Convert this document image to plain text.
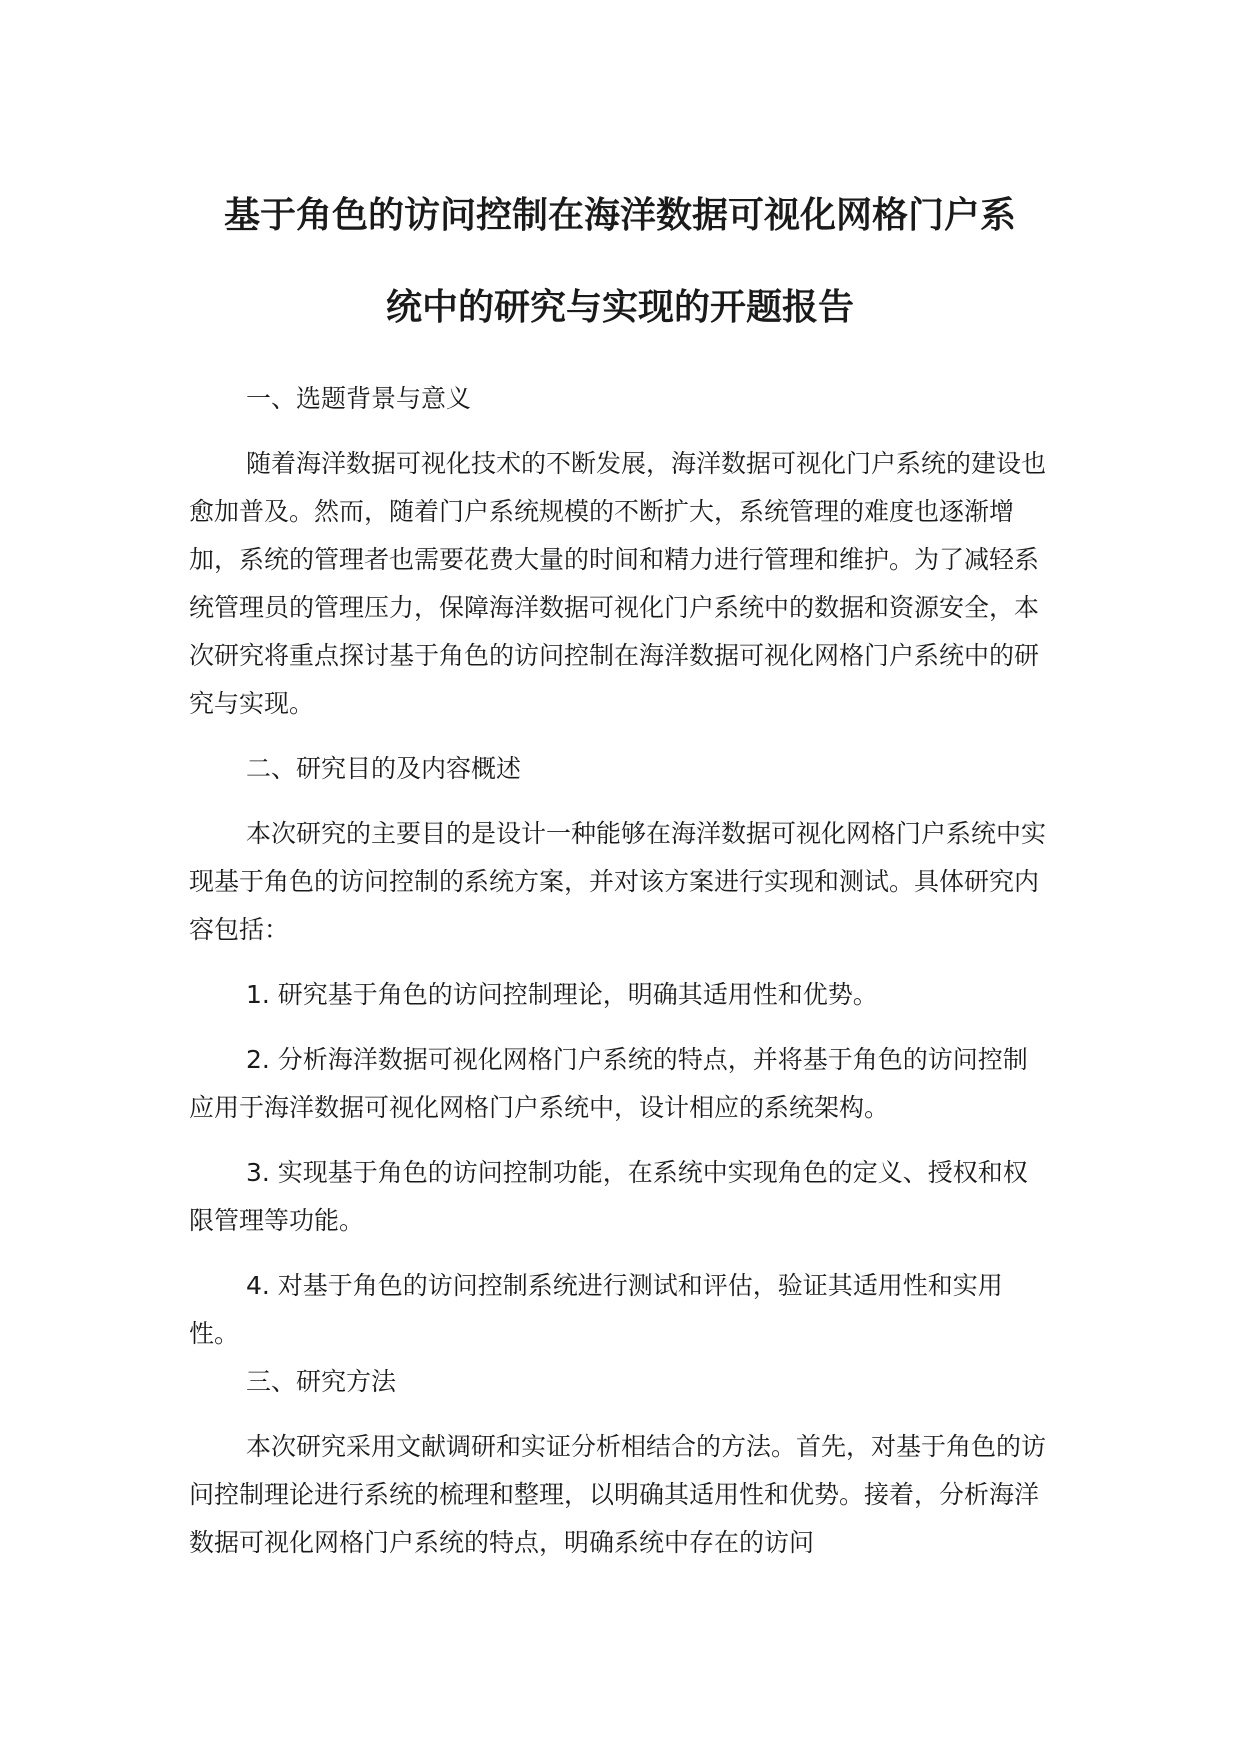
基于角色的访问控制在海洋数据可视化网格门户系
统中的研究与实现的开题报告

一、选题背景与意义

随着海洋数据可视化技术的不断发展，海洋数据可视化门户系统的建设也愈加普及。然而，随着门户系统规模的不断扩大，系统管理的难度也逐渐增加，系统的管理者也需要花费大量的时间和精力进行管理和维护。为了减轻系统管理员的管理压力，保障海洋数据可视化门户系统中的数据和资源安全，本次研究将重点探讨基于角色的访问控制在海洋数据可视化网格门户系统中的研究与实现。

二、研究目的及内容概述

本次研究的主要目的是设计一种能够在海洋数据可视化网格门户系统中实现基于角色的访问控制的系统方案，并对该方案进行实现和测试。具体研究内容包括：

1. 研究基于角色的访问控制理论，明确其适用性和优势。

2. 分析海洋数据可视化网格门户系统的特点，并将基于角色的访问控制应用于海洋数据可视化网格门户系统中，设计相应的系统架构。

3. 实现基于角色的访问控制功能，在系统中实现角色的定义、授权和权限管理等功能。

4. 对基于角色的访问控制系统进行测试和评估，验证其适用性和实用性。

三、研究方法

本次研究采用文献调研和实证分析相结合的方法。首先，对基于角色的访问控制理论进行系统的梳理和整理，以明确其适用性和优势。接着，分析海洋数据可视化网格门户系统的特点，明确系统中存在的访问
